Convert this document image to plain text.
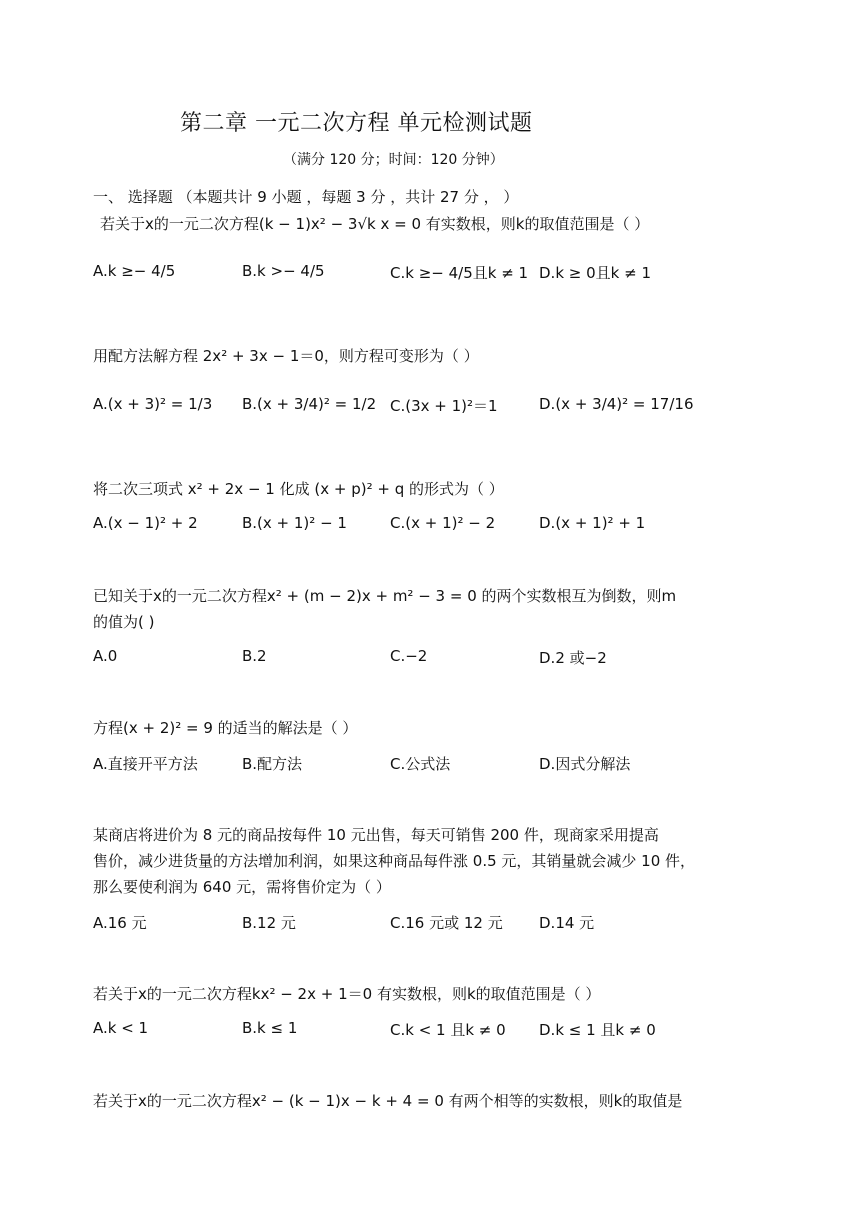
第二章 一元二次方程 单元检测试题
（满分 120 分；时间：120 分钟）
一、 选择题 （本题共计 9 小题 ，每题 3 分 ，共计 27 分 ， ）
若关于x的一元二次方程(k − 1)x² − 3√k x = 0 有实数根，则k的取值范围是（ ）
A.k ≥− 4/5	B.k >− 4/5	C.k ≥− 4/5且k ≠ 1 D.k ≥ 0且k ≠ 1
用配方法解方程 2x² + 3x − 1＝0，则方程可变形为（ ）
A.(x + 3)² = 1/3 B.(x + 3/4)² = 1/2 C.(3x + 1)²＝1	D.(x + 3/4)² = 17/16
将二次三项式 x² + 2x − 1 化成 (x + p)² + q 的形式为（ ）
A.(x − 1)² + 2	B.(x + 1)² − 1	C.(x + 1)² − 2	D.(x + 1)² + 1
已知关于x的一元二次方程x² + (m − 2)x + m² − 3 = 0 的两个实数根互为倒数，则m
的值为( )
A.0	B.2	C.−2	D.2 或−2
方程(x + 2)² = 9 的适当的解法是（ ）
A.直接开平方法	B.配方法	C.公式法	D.因式分解法
某商店将进价为 8 元的商品按每件 10 元出售，每天可销售 200 件，现商家采用提高
售价，减少进货量的方法增加利润，如果这种商品每件涨 0.5 元，其销量就会减少 10 件，
那么要使利润为 640 元，需将售价定为（ ）
A.16 元	B.12 元	C.16 元或 12 元 D.14 元
若关于x的一元二次方程kx² − 2x + 1＝0 有实数根，则k的取值范围是（ ）
A.k < 1	B.k ≤ 1	C.k < 1 且k ≠ 0 D.k ≤ 1 且k ≠ 0
若关于x的一元二次方程x² − (k − 1)x − k + 4 = 0 有两个相等的实数根，则k的取值是
